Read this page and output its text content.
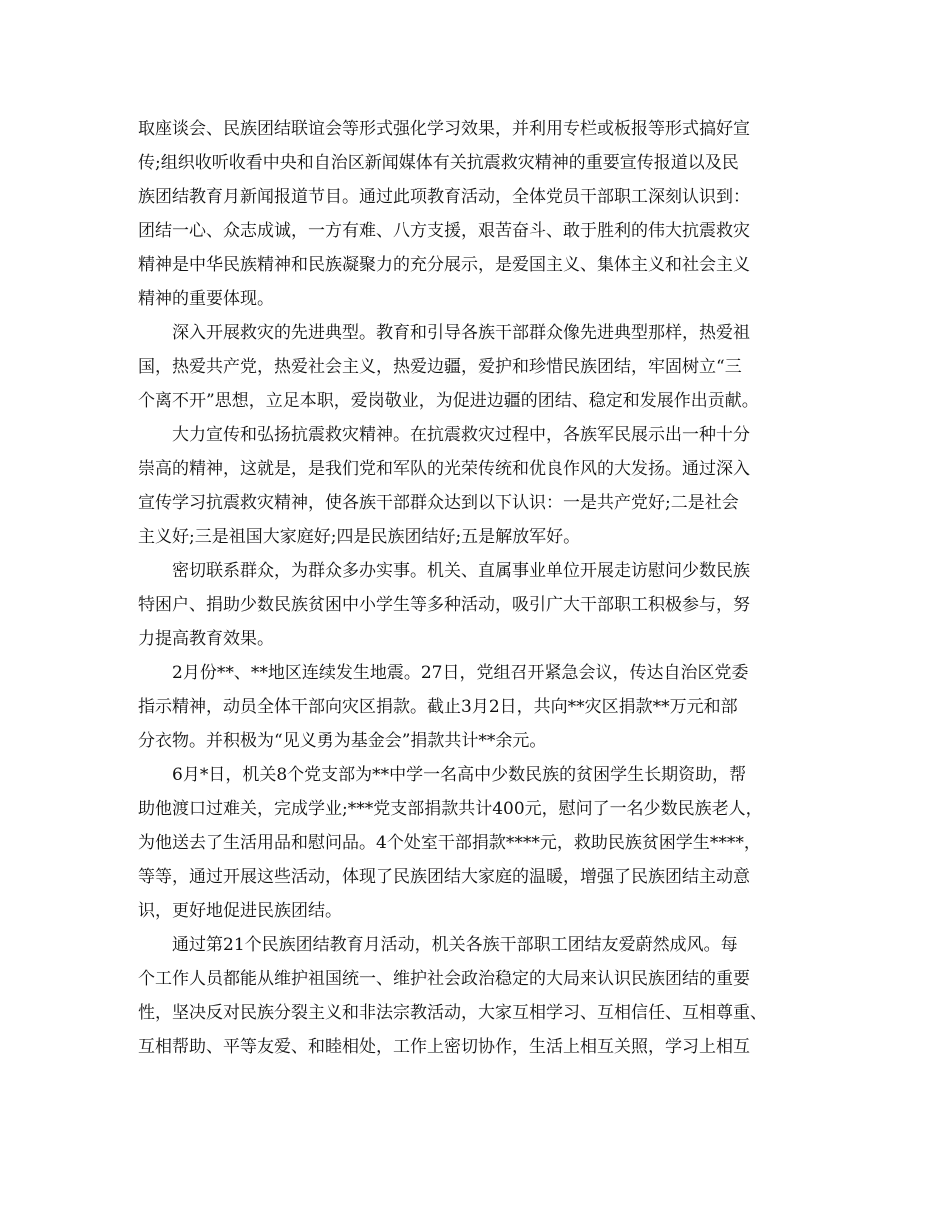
取座谈会、民族团结联谊会等形式强化学习效果，并利用专栏或板报等形式搞好宣
传;组织收听收看中央和自治区新闻媒体有关抗震救灾精神的重要宣传报道以及民
族团结教育月新闻报道节目。通过此项教育活动，全体党员干部职工深刻认识到：
团结一心、众志成诚，一方有难、八方支援，艰苦奋斗、敢于胜利的伟大抗震救灾
精神是中华民族精神和民族凝聚力的充分展示，是爱国主义、集体主义和社会主义
精神的重要体现。
深入开展救灾的先进典型。教育和引导各族干部群众像先进典型那样，热爱祖
国，热爱共产党，热爱社会主义，热爱边疆，爱护和珍惜民族团结，牢固树立“三
个离不开”思想，立足本职，爱岗敬业，为促进边疆的团结、稳定和发展作出贡献。
大力宣传和弘扬抗震救灾精神。在抗震救灾过程中，各族军民展示出一种十分
崇高的精神，这就是，是我们党和军队的光荣传统和优良作风的大发扬。通过深入
宣传学习抗震救灾精神，使各族干部群众达到以下认识：一是共产党好;二是社会
主义好;三是祖国大家庭好;四是民族团结好;五是解放军好。
密切联系群众，为群众多办实事。机关、直属事业单位开展走访慰问少数民族
特困户、捐助少数民族贫困中小学生等多种活动，吸引广大干部职工积极参与，努
力提高教育效果。
2月份**、**地区连续发生地震。27日，党组召开紧急会议，传达自治区党委
指示精神，动员全体干部向灾区捐款。截止3月2日，共向**灾区捐款**万元和部
分衣物。并积极为“见义勇为基金会”捐款共计**余元。
6月*日，机关8个党支部为**中学一名高中少数民族的贫困学生长期资助，帮
助他渡口过难关，完成学业;***党支部捐款共计400元，慰问了一名少数民族老人，
为他送去了生活用品和慰问品。4个处室干部捐款****元，救助民族贫困学生****，
等等，通过开展这些活动，体现了民族团结大家庭的温暖，增强了民族团结主动意
识，更好地促进民族团结。
通过第21个民族团结教育月活动，机关各族干部职工团结友爱蔚然成风。每
个工作人员都能从维护祖国统一、维护社会政治稳定的大局来认识民族团结的重要
性，坚决反对民族分裂主义和非法宗教活动，大家互相学习、互相信任、互相尊重、
互相帮助、平等友爱、和睦相处，工作上密切协作，生活上相互关照，学习上相互
